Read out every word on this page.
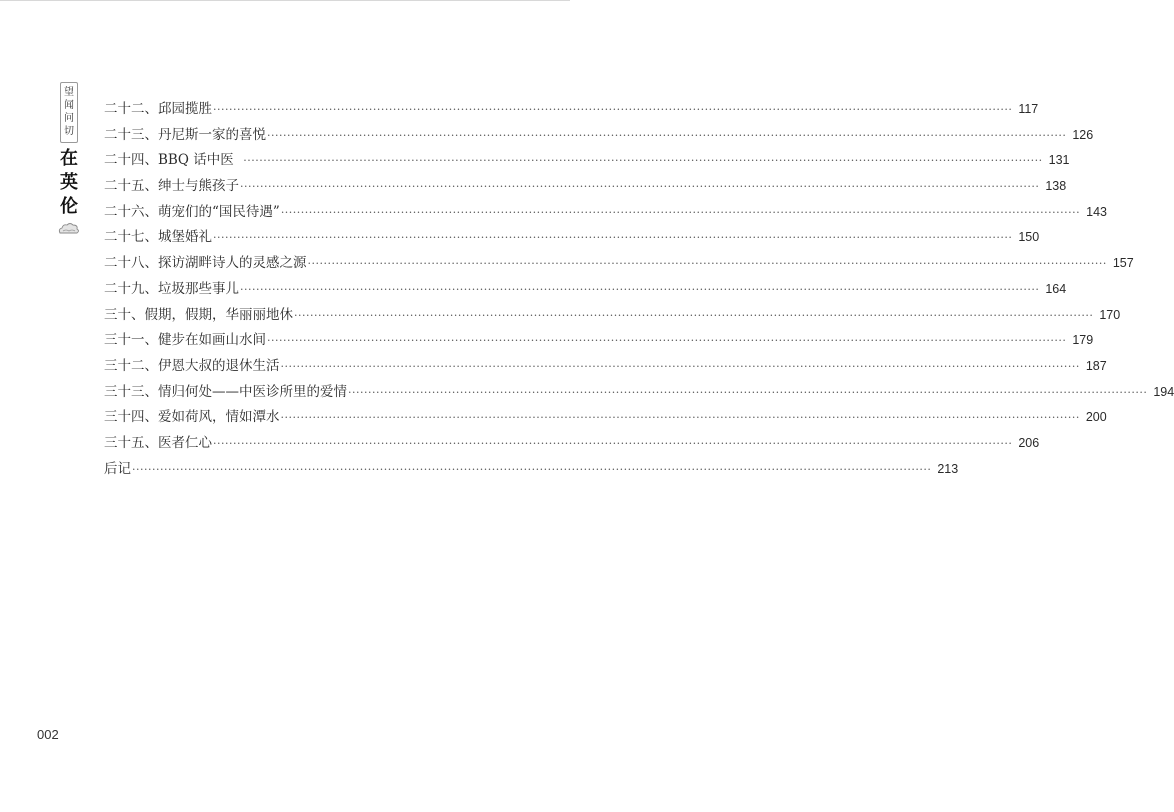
望
闻
问
切
在
英
伦
二十二、邱园揽胜 ········································································································································································································ 117
二十三、丹尼斯一家的喜悦 ········································································································································································································ 126
二十四、BBQ 话中医 ········································································································································································································ 131
二十五、绅士与熊孩子 ········································································································································································································ 138
二十六、萌宠们的“国民待遇” ········································································································································································································ 143
二十七、城堡婚礼 ········································································································································································································ 150
二十八、探访湖畔诗人的灵感之源 ········································································································································································································ 157
二十九、垃圾那些事儿 ········································································································································································································ 164
三十、假期，假期，华丽丽地休 ········································································································································································································ 170
三十一、健步在如画山水间 ········································································································································································································ 179
三十二、伊恩大叔的退休生活 ········································································································································································································ 187
三十三、情归何处——中医诊所里的爱情 ········································································································································································································ 194
三十四、爱如荷风，情如潭水 ········································································································································································································ 200
三十五、医者仁心 ········································································································································································································ 206
后记 ········································································································································································································ 213
002
